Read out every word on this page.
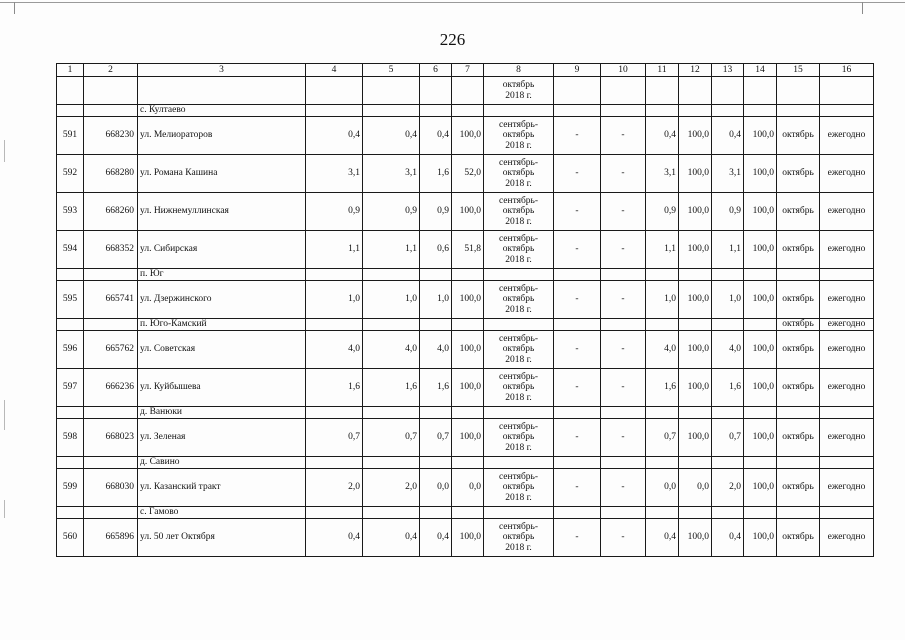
226
1	2	3	4	5	6	7	8	9	10	11	12	13	14	15	16
							октябрь
2018 г.								
		с. Култаево													
591	668230	ул. Мелиораторов	0,4	0,4	0,4	100,0	сентябрь-
октябрь
2018 г.	-	-	0,4	100,0	0,4	100,0	октябрь	ежегодно
592	668280	ул. Романа Кашина	3,1	3,1	1,6	52,0	сентябрь-
октябрь
2018 г.	-	-	3,1	100,0	3,1	100,0	октябрь	ежегодно
593	668260	ул. Нижнемуллинская	0,9	0,9	0,9	100,0	сентябрь-
октябрь
2018 г.	-	-	0,9	100,0	0,9	100,0	октябрь	ежегодно
594	668352	ул. Сибирская	1,1	1,1	0,6	51,8	сентябрь-
октябрь
2018 г.	-	-	1,1	100,0	1,1	100,0	октябрь	ежегодно
		п. Юг													
595	665741	ул. Дзержинского	1,0	1,0	1,0	100,0	сентябрь-
октябрь
2018 г.	-	-	1,0	100,0	1,0	100,0	октябрь	ежегодно
		п. Юго-Камский												октябрь	ежегодно
596	665762	ул. Советская	4,0	4,0	4,0	100,0	сентябрь-
октябрь
2018 г.	-	-	4,0	100,0	4,0	100,0	октябрь	ежегодно
597	666236	ул. Куйбышева	1,6	1,6	1,6	100,0	сентябрь-
октябрь
2018 г.	-	-	1,6	100,0	1,6	100,0	октябрь	ежегодно
		д. Ванюки													
598	668023	ул. Зеленая	0,7	0,7	0,7	100,0	сентябрь-
октябрь
2018 г.	-	-	0,7	100,0	0,7	100,0	октябрь	ежегодно
		д. Савино													
599	668030	ул. Казанский тракт	2,0	2,0	0,0	0,0	сентябрь-
октябрь
2018 г.	-	-	0,0	0,0	2,0	100,0	октябрь	ежегодно
		с. Гамово													
560	665896	ул. 50 лет Октября	0,4	0,4	0,4	100,0	сентябрь-
октябрь
2018 г.	-	-	0,4	100,0	0,4	100,0	октябрь	ежегодно
